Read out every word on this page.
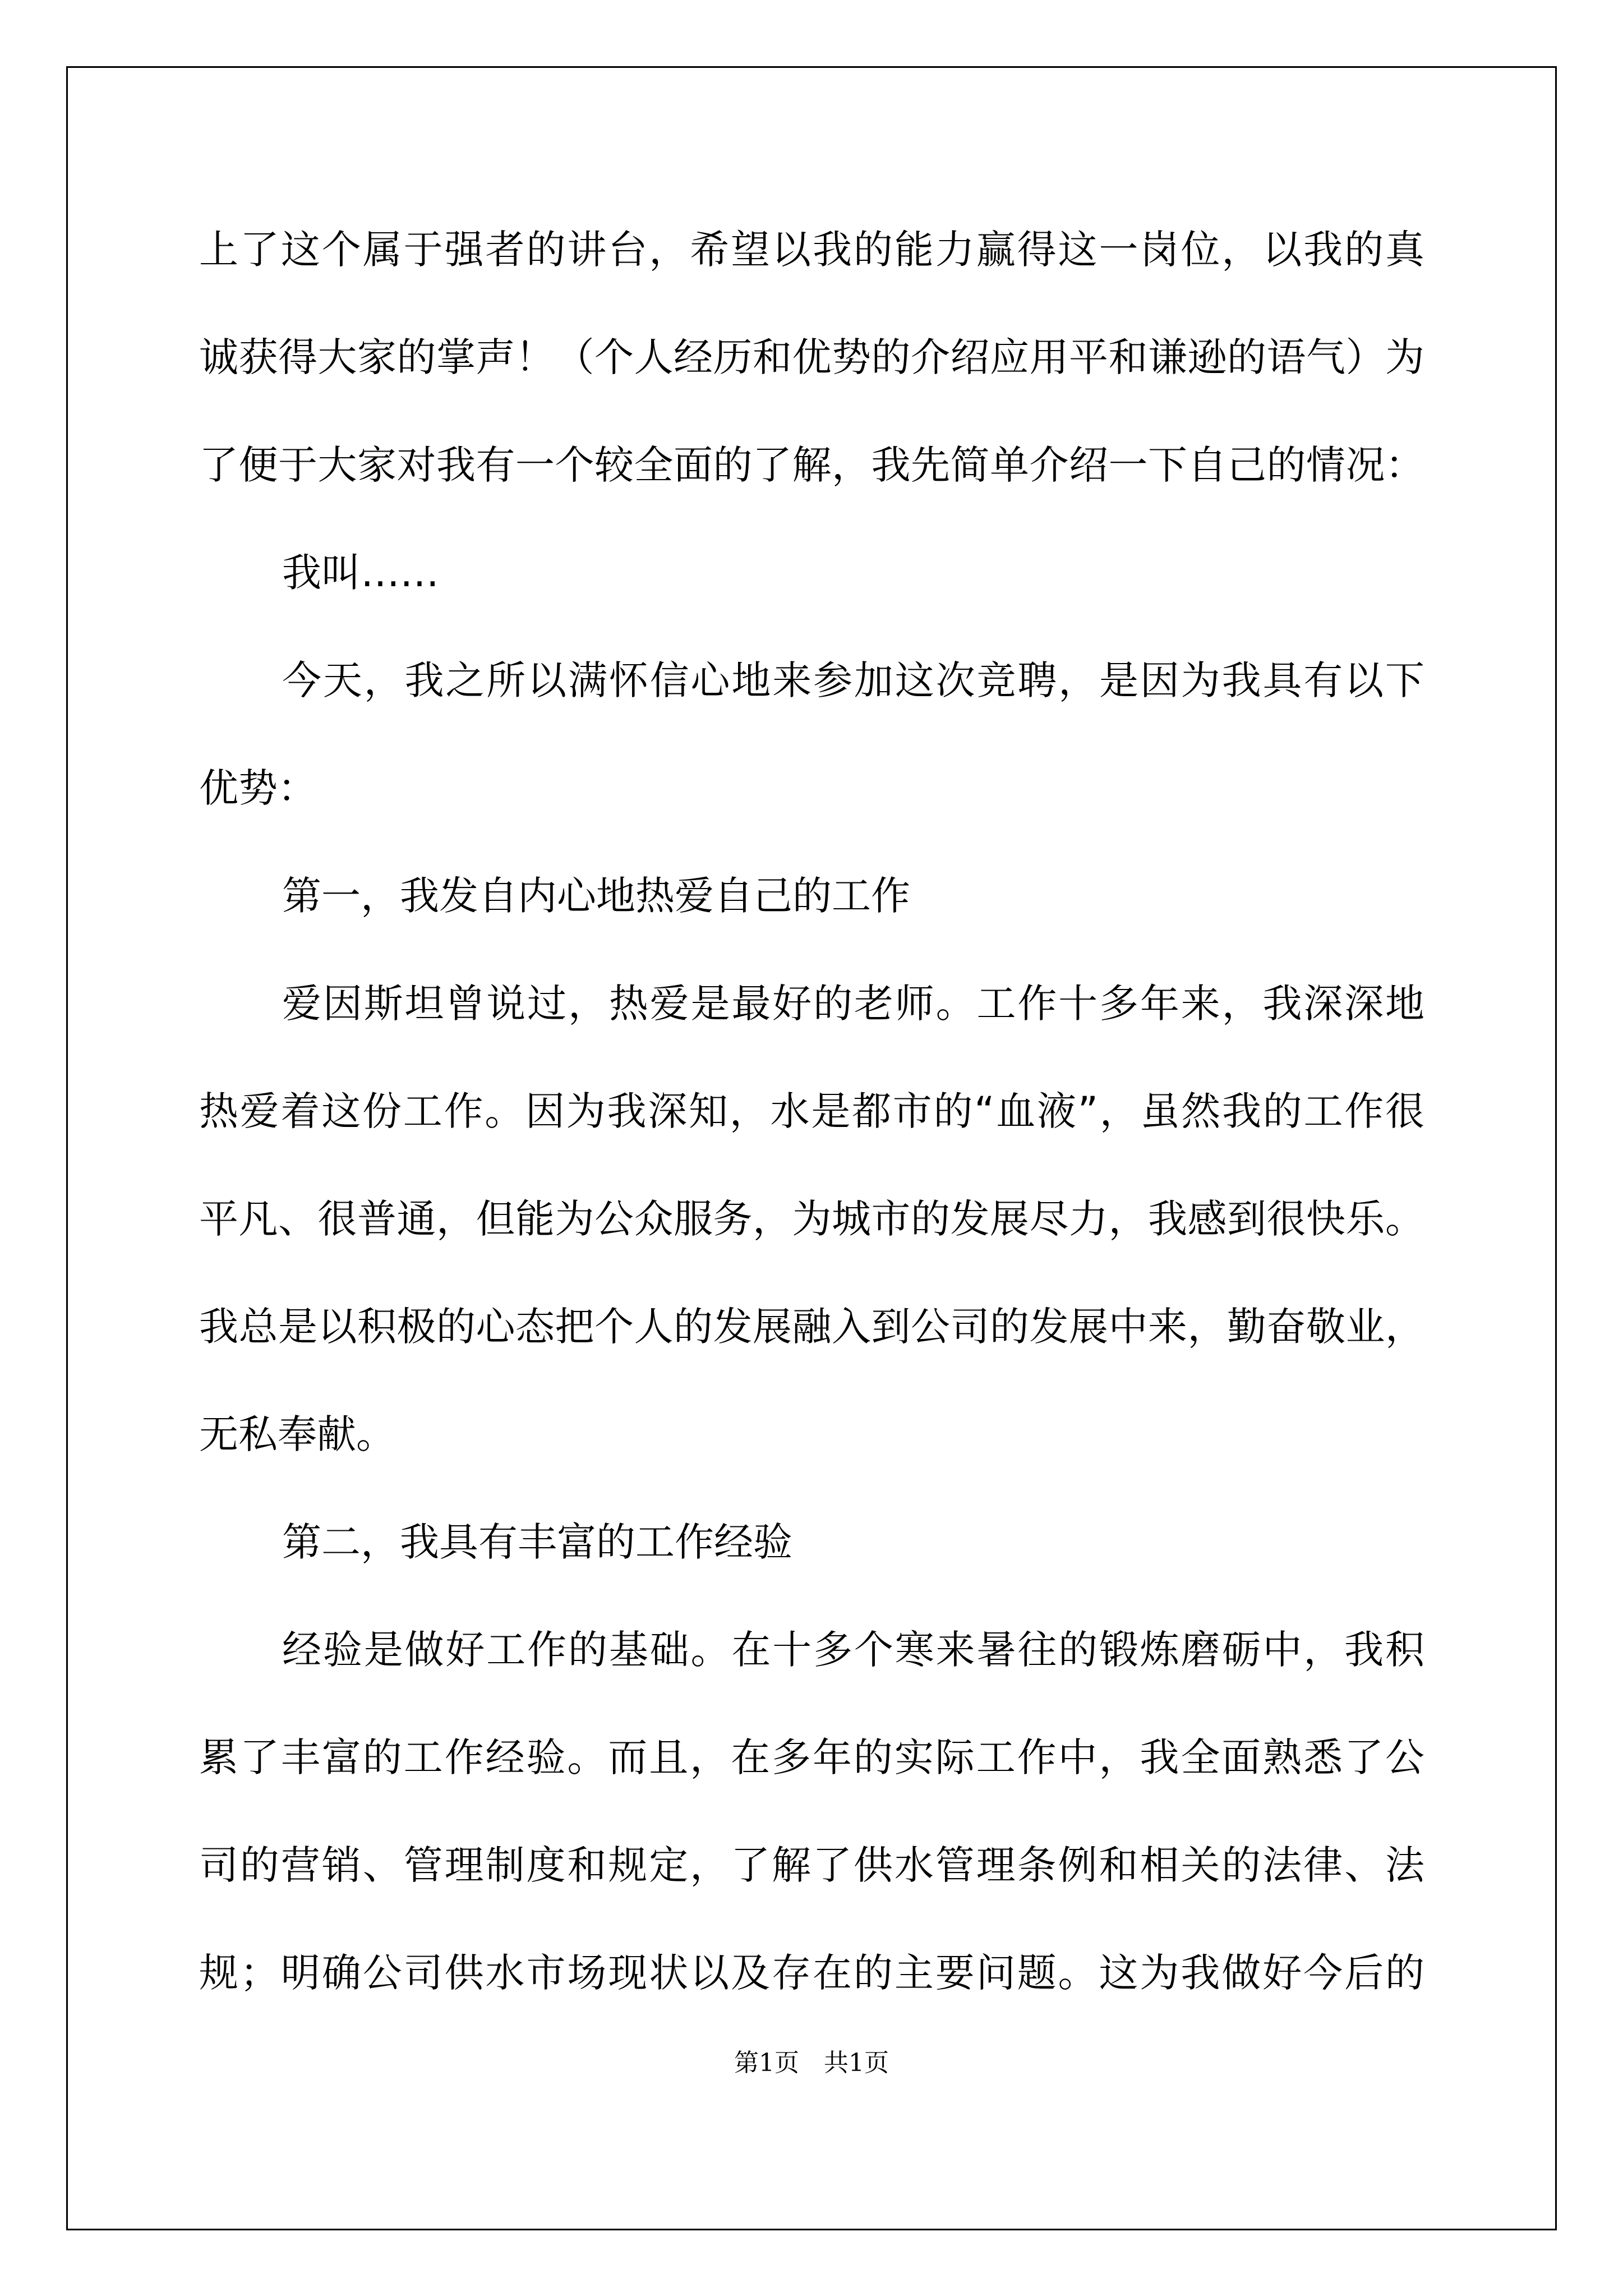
上了这个属于强者的讲台，希望以我的能力赢得这一岗位，以我的真
诚获得大家的掌声！（个人经历和优势的介绍应用平和谦逊的语气）为
了便于大家对我有一个较全面的了解，我先简单介绍一下自己的情况：
我叫……
今天，我之所以满怀信心地来参加这次竞聘，是因为我具有以下
优势：
第一，我发自内心地热爱自己的工作
爱因斯坦曾说过，热爱是最好的老师。工作十多年来，我深深地
热爱着这份工作。因为我深知，水是都市的“血液”，虽然我的工作很
平凡、很普通，但能为公众服务，为城市的发展尽力，我感到很快乐。
我总是以积极的心态把个人的发展融入到公司的发展中来，勤奋敬业，
无私奉献。
第二，我具有丰富的工作经验
经验是做好工作的基础。在十多个寒来暑往的锻炼磨砺中，我积
累了丰富的工作经验。而且，在多年的实际工作中，我全面熟悉了公
司的营销、管理制度和规定，了解了供水管理条例和相关的法律、法
规；明确公司供水市场现状以及存在的主要问题。这为我做好今后的
第1页　共1页
